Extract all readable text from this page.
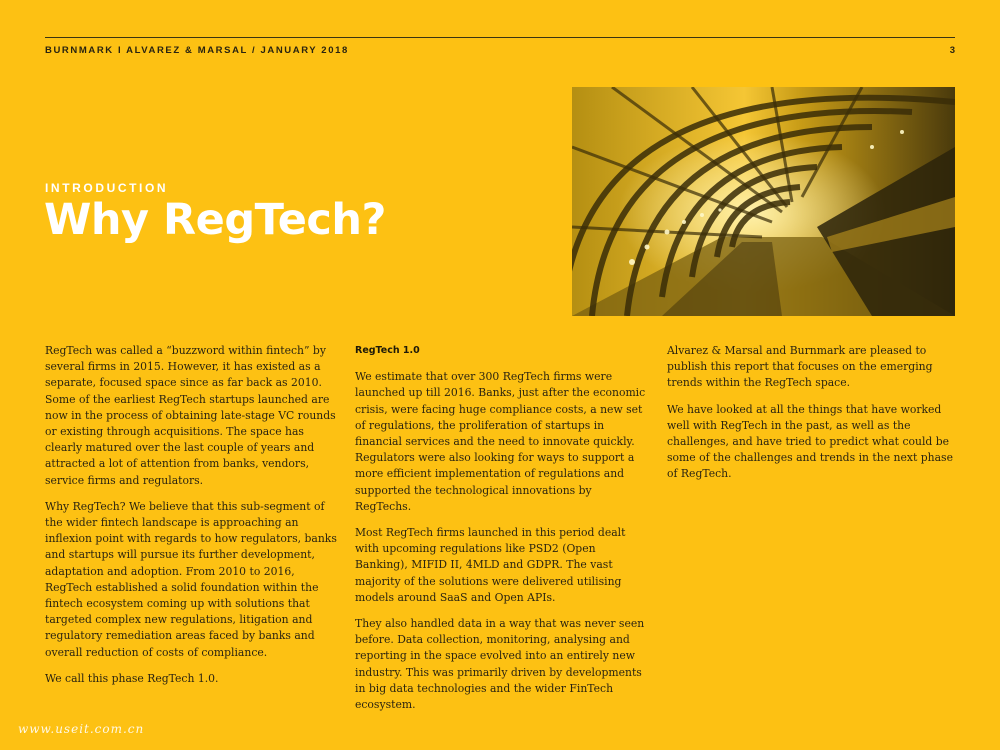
BURNMARK I ALVAREZ & MARSAL / JANUARY 2018	3
INTRODUCTION
Why RegTech?

RegTech was called a “buzzword within fintech” by several firms in 2015. However, it has existed as a separate, focused space since as far back as 2010. Some of the earliest RegTech startups launched are now in the process of obtaining late-stage VC rounds or existing through acquisitions. The space has clearly matured over the last couple of years and attracted a lot of attention from banks, vendors, service firms and regulators.

Why RegTech? We believe that this sub-segment of the wider fintech landscape is approaching an inflexion point with regards to how regulators, banks and startups will pursue its further development, adaptation and adoption. From 2010 to 2016, RegTech established a solid foundation within the fintech ecosystem coming up with solutions that targeted complex new regulations, litigation and regulatory remediation areas faced by banks and overall reduction of costs of compliance.

We call this phase RegTech 1.0.

RegTech 1.0

We estimate that over 300 RegTech firms were launched up till 2016. Banks, just after the economic crisis, were facing huge compliance costs, a new set of regulations, the proliferation of startups in financial services and the need to innovate quickly. Regulators were also looking for ways to support a more efficient implementation of regulations and supported the technological innovations by RegTechs.

Most RegTech firms launched in this period dealt with upcoming regulations like PSD2 (Open Banking), MIFID II, 4MLD and GDPR. The vast majority of the solutions were delivered utilising models around SaaS and Open APIs.

They also handled data in a way that was never seen before. Data collection, monitoring, analysing and reporting in the space evolved into an entirely new industry. This was primarily driven by developments in big data technologies and the wider FinTech ecosystem.

Alvarez & Marsal and Burnmark are pleased to publish this report that focuses on the emerging trends within the RegTech space.

We have looked at all the things that have worked well with RegTech in the past, as well as the challenges, and have tried to predict what could be some of the challenges and trends in the next phase of RegTech.

www.useit.com.cn
